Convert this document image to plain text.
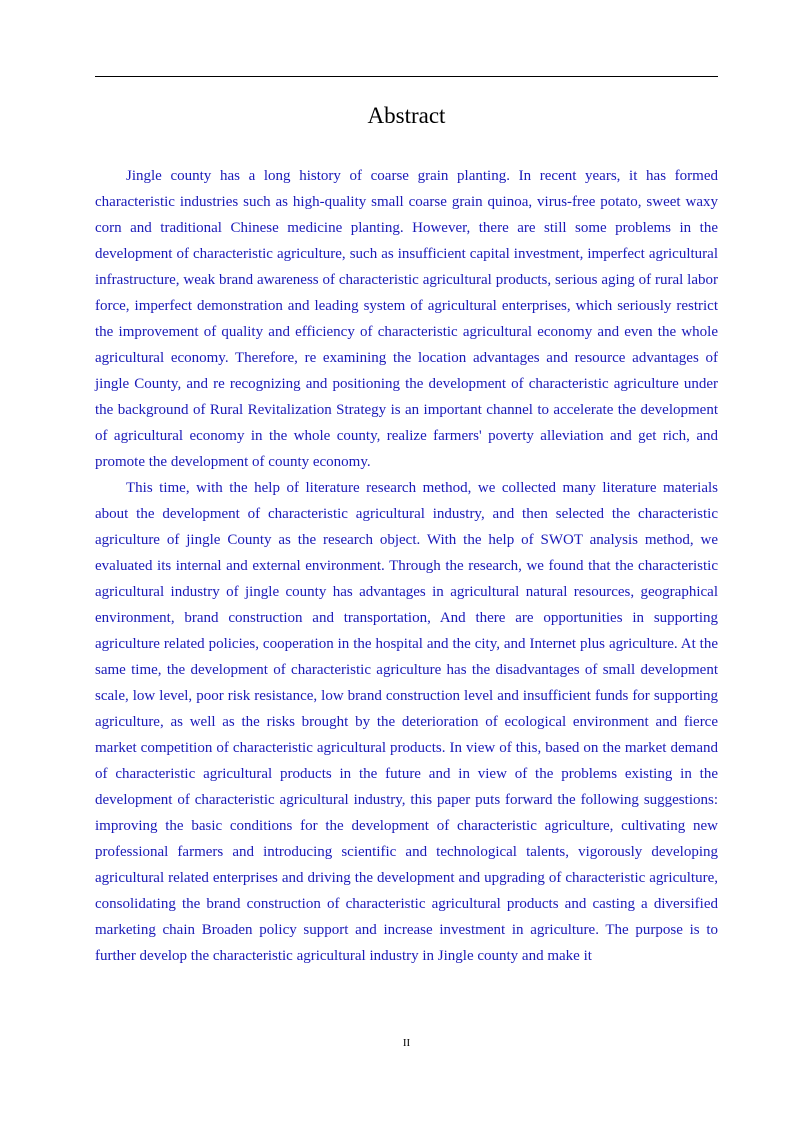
Abstract

Jingle county has a long history of coarse grain planting. In recent years, it has formed characteristic industries such as high-quality small coarse grain quinoa, virus-free potato, sweet waxy corn and traditional Chinese medicine planting. However, there are still some problems in the development of characteristic agriculture, such as insufficient capital investment, imperfect agricultural infrastructure, weak brand awareness of characteristic agricultural products, serious aging of rural labor force, imperfect demonstration and leading system of agricultural enterprises, which seriously restrict the improvement of quality and efficiency of characteristic agricultural economy and even the whole agricultural economy. Therefore, re examining the location advantages and resource advantages of jingle County, and re recognizing and positioning the development of characteristic agriculture under the background of Rural Revitalization Strategy is an important channel to accelerate the development of agricultural economy in the whole county, realize farmers' poverty alleviation and get rich, and promote the development of county economy.

This time, with the help of literature research method, we collected many literature materials about the development of characteristic agricultural industry, and then selected the characteristic agriculture of jingle County as the research object. With the help of SWOT analysis method, we evaluated its internal and external environment. Through the research, we found that the characteristic agricultural industry of jingle county has advantages in agricultural natural resources, geographical environment, brand construction and transportation, And there are opportunities in supporting agriculture related policies, cooperation in the hospital and the city, and Internet plus agriculture. At the same time, the development of characteristic agriculture has the disadvantages of small development scale, low level, poor risk resistance, low brand construction level and insufficient funds for supporting agriculture, as well as the risks brought by the deterioration of ecological environment and fierce market competition of characteristic agricultural products. In view of this, based on the market demand of characteristic agricultural products in the future and in view of the problems existing in the development of characteristic agricultural industry, this paper puts forward the following suggestions: improving the basic conditions for the development of characteristic agriculture, cultivating new professional farmers and introducing scientific and technological talents, vigorously developing agricultural related enterprises and driving the development and upgrading of characteristic agriculture, consolidating the brand construction of characteristic agricultural products and casting a diversified marketing chain Broaden policy support and increase investment in agriculture. The purpose is to further develop the characteristic agricultural industry in Jingle county and make it

II
